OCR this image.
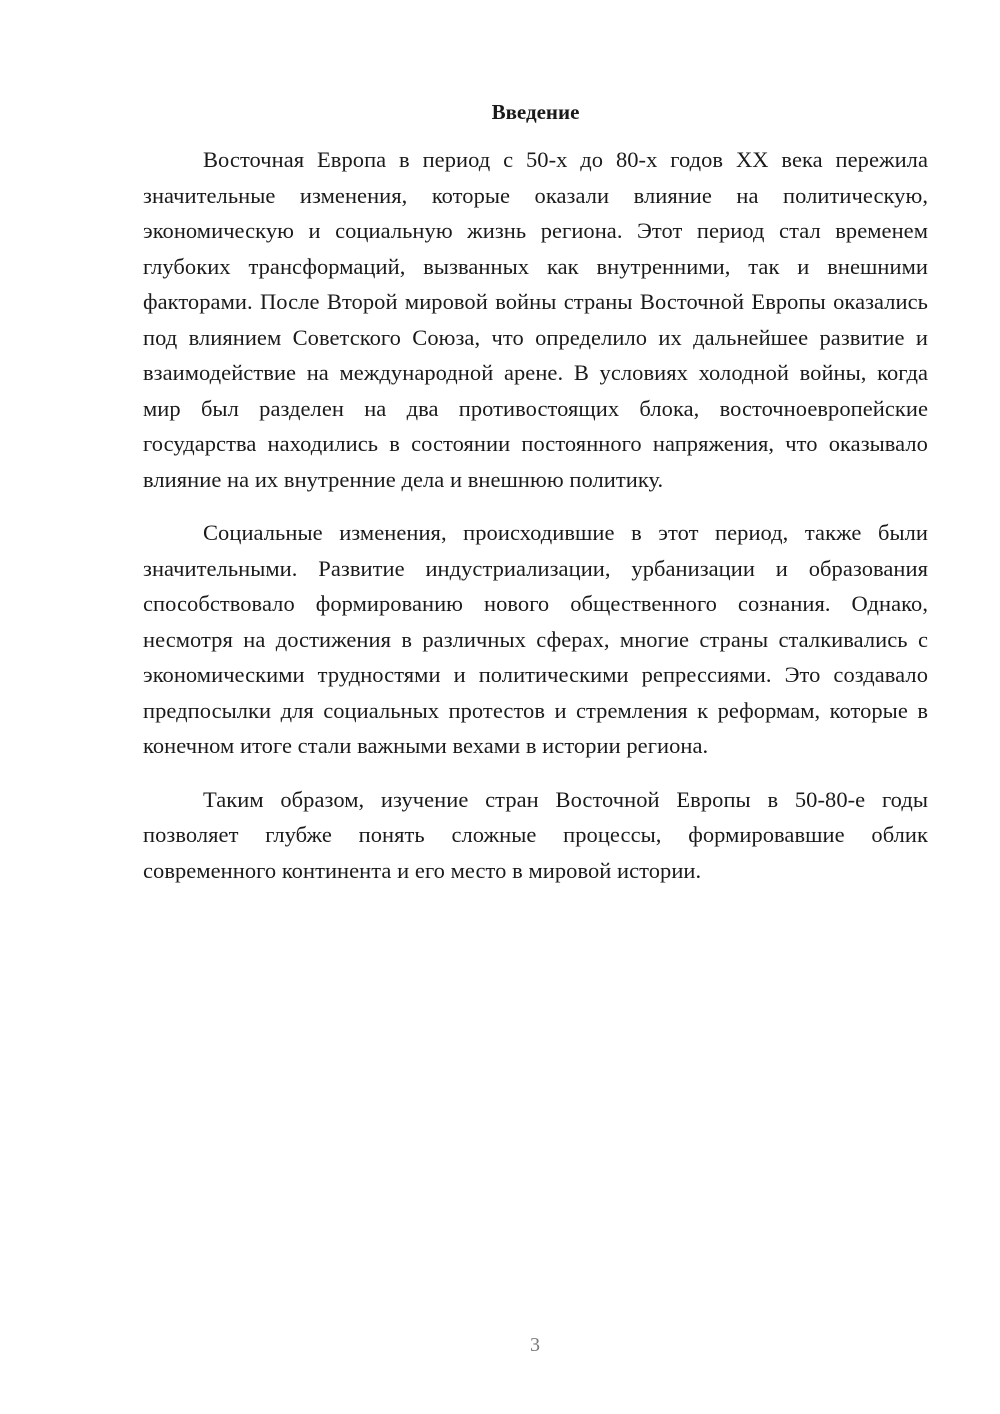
Введение

Восточная Европа в период с 50-х до 80-х годов XX века пережила значительные изменения, которые оказали влияние на политическую, экономическую и социальную жизнь региона. Этот период стал временем глубоких трансформаций, вызванных как внутренними, так и внешними факторами. После Второй мировой войны страны Восточной Европы оказались под влиянием Советского Союза, что определило их дальнейшее развитие и взаимодействие на международной арене. В условиях холодной войны, когда мир был разделен на два противостоящих блока, восточноевропейские государства находились в состоянии постоянного напряжения, что оказывало влияние на их внутренние дела и внешнюю политику.

Социальные изменения, происходившие в этот период, также были значительными. Развитие индустриализации, урбанизации и образования способствовало формированию нового общественного сознания. Однако, несмотря на достижения в различных сферах, многие страны сталкивались с экономическими трудностями и политическими репрессиями. Это создавало предпосылки для социальных протестов и стремления к реформам, которые в конечном итоге стали важными вехами в истории региона.

Таким образом, изучение стран Восточной Европы в 50-80-е годы позволяет глубже понять сложные процессы, формировавшие облик современного континента и его место в мировой истории.

3
